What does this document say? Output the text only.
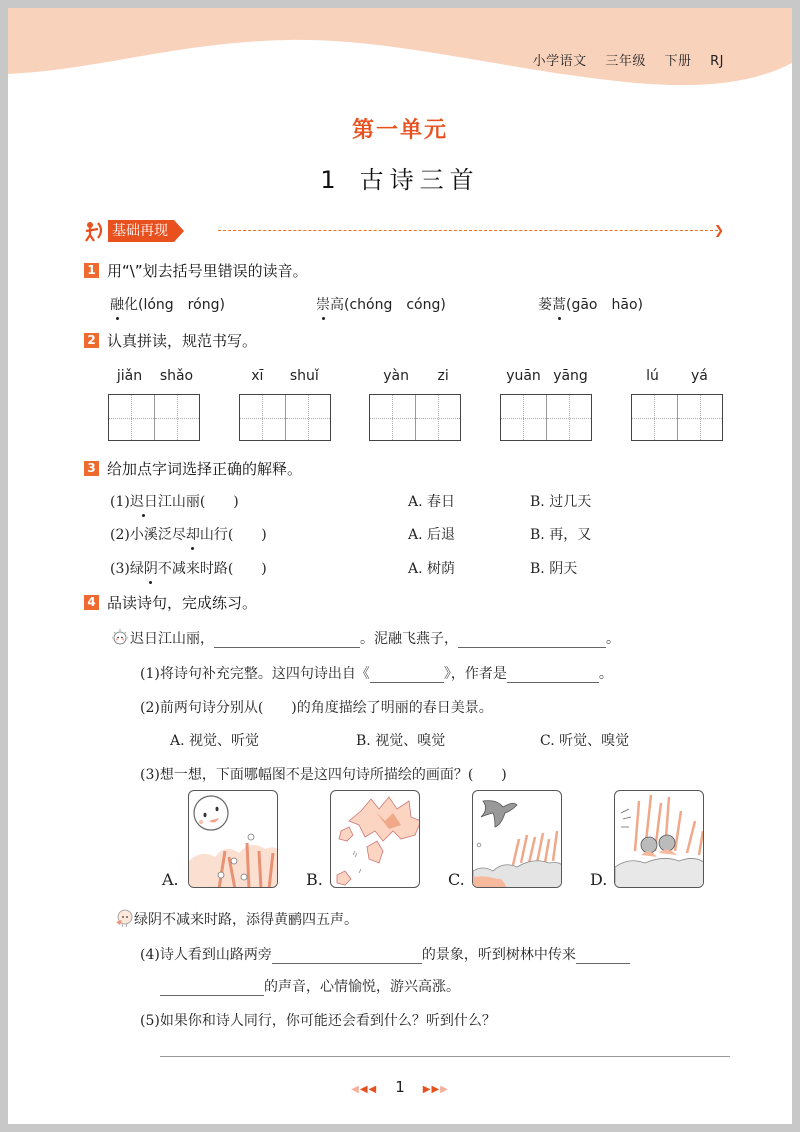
小学语文 三年级 下册 RJ
第一单元
1 古诗三首
基础再现	❯
1 用“\”划去括号里错误的读音。
融化(lóng　róng)	崇高(chóng　cóng)	蒌蒿(gāo　hāo)
2 认真拼读，规范书写。
jiǎn shǎo	xī shuǐ	yàn zi	yuān yāng	lú yá
3 给加点字词选择正确的解释。
(1)迟日江山丽(　　)	A. 春日	B. 过几天
(2)小溪泛尽却山行(　　)	A. 后退	B. 再，又
(3)绿阴不减来时路(　　)	A. 树荫	B. 阴天
4 品读诗句，完成练习。
迟日江山丽，	。泥融飞燕子，	。
(1)将诗句补充完整。这四句诗出自《	》，作者是	。
(2)前两句诗分别从(　　)的角度描绘了明丽的春日美景。
A. 视觉、听觉	B. 视觉、嗅觉	C. 听觉、嗅觉
(3)想一想，下面哪幅图不是这四句诗所描绘的画面？(　　)
A.	B.	C.	D.
绿阴不减来时路，添得黄鹂四五声。
(4)诗人看到山路两旁	的景象，听到树林中传来
的声音，心情愉悦，游兴高涨。
(5)如果你和诗人同行，你可能还会看到什么？听到什么？
◀◀◀ 1 ▶▶▶
